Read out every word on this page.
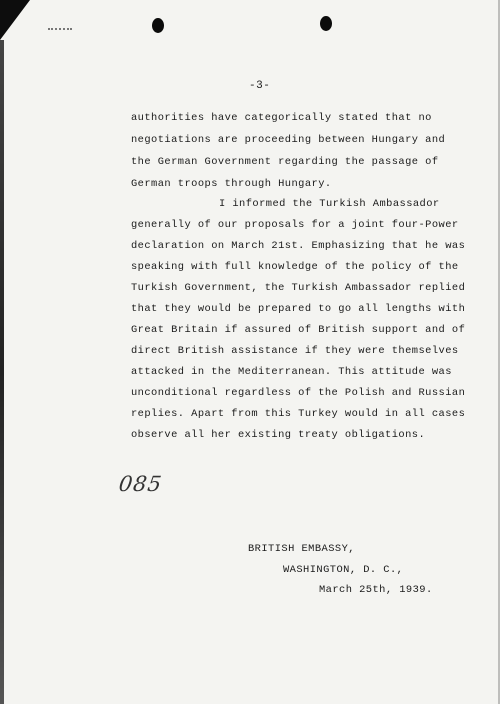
-3-
authorities have categorically stated that no
negotiations are proceeding between Hungary and
the German Government regarding the passage of
German troops through Hungary.
I informed the Turkish Ambassador
generally of our proposals for a joint four-Power
declaration on March 21st. Emphasizing that he was
speaking with full knowledge of the policy of the
Turkish Government, the Turkish Ambassador replied
that they would be prepared to go all lengths with
Great Britain if assured of British support and of
direct British assistance if they were themselves
attacked in the Mediterranean. This attitude was
unconditional regardless of the Polish and Russian
replies. Apart from this Turkey would in all cases
observe all her existing treaty obligations.
085
BRITISH EMBASSY,
WASHINGTON, D. C.,
March 25th, 1939.
